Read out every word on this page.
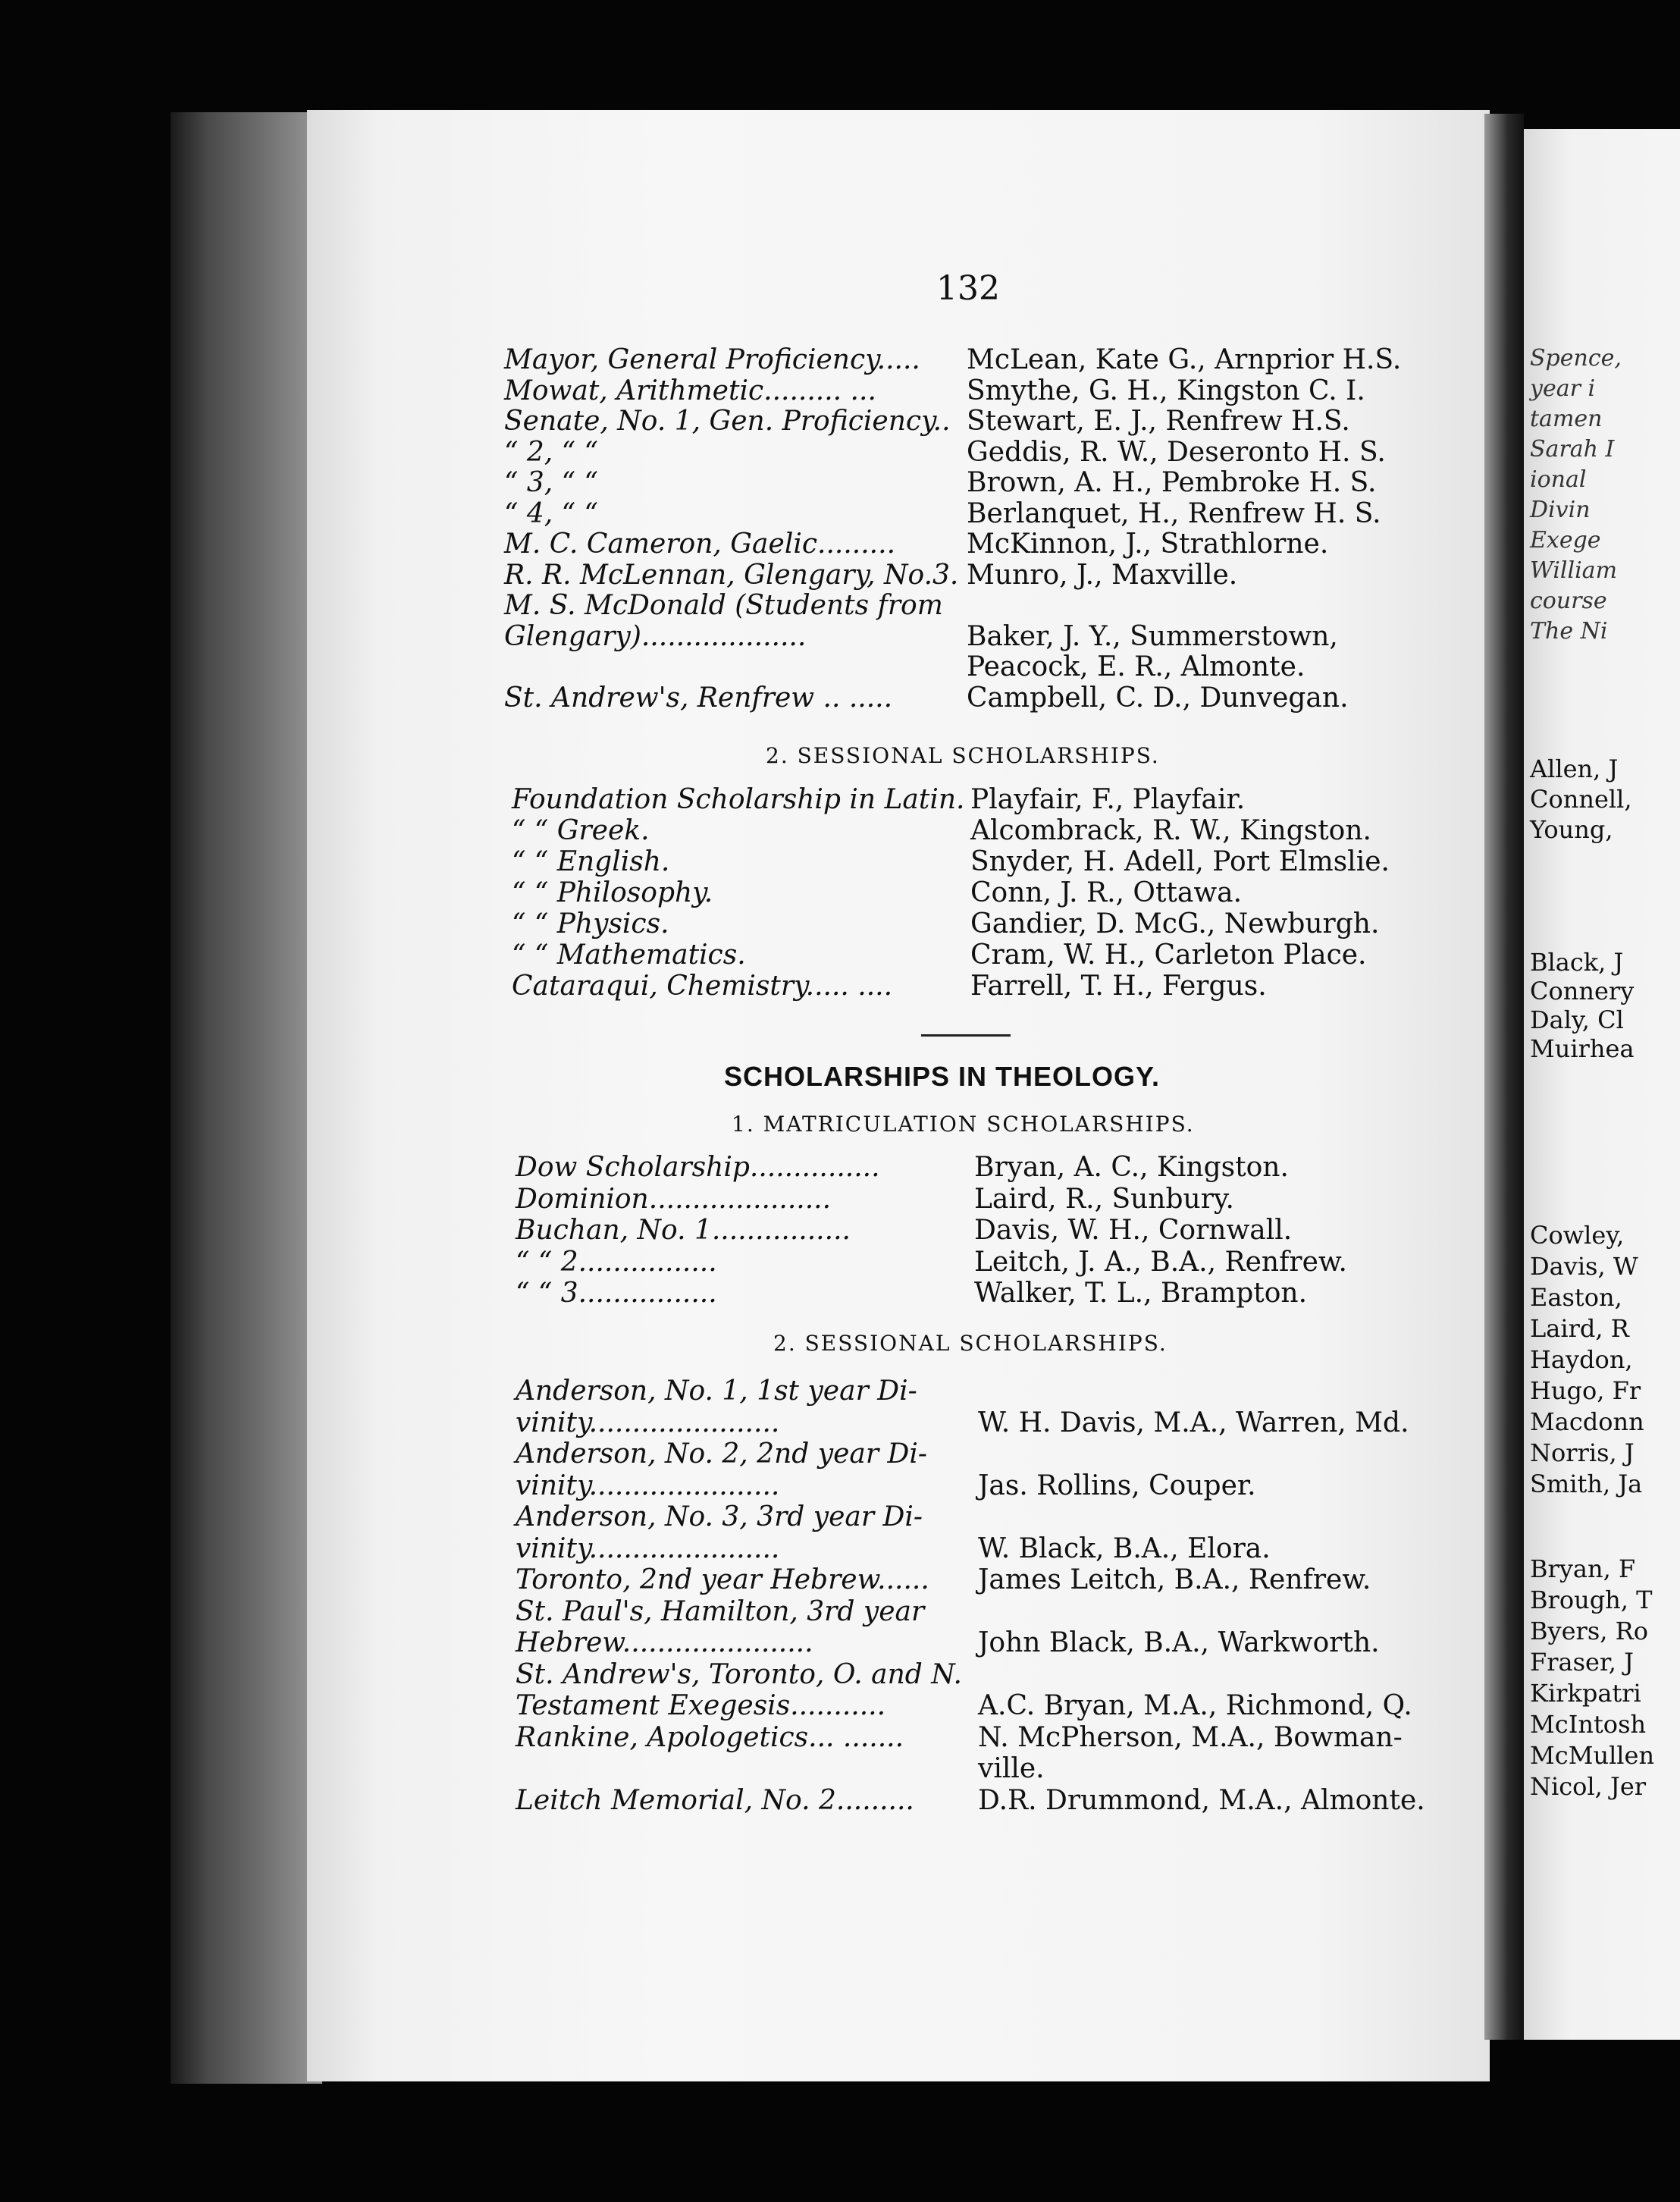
Spence,
year i
tamen
Sarah I
ional
Divin
Exege
William
course
The Ni
Allen, J
Connell,
Young,
Black, J
Connery
Daly, Cl
Muirhea
Cowley,
Davis, W
Easton,
Laird, R
Haydon,
Hugo, Fr
Macdonn
Norris, J
Smith, Ja
Bryan, F
Brough, T
Byers, Ro
Fraser, J
Kirkpatri
McIntosh
McMullen
Nicol, Jer
132
Mayor, General Proficiency..... McLean, Kate G., Arnprior H.S.
Mowat, Arithmetic......... ...	Smythe, G. H., Kingston C. I.
Senate, No. 1, Gen. Proficiency.. Stewart, E. J., Renfrew H.S.
“ 2, “ “	Geddis, R. W., Deseronto H. S.
“ 3, “ “	Brown, A. H., Pembroke H. S.
“ 4, “ “	Berlanquet, H., Renfrew H. S.
M. C. Cameron, Gaelic.........	McKinnon, J., Strathlorne.
R. R. McLennan, Glengary, No.3. Munro, J., Maxville.
M. S. McDonald (Students from
Glengary)...................	Baker, J. Y., Summerstown,
Peacock, E. R., Almonte.
St. Andrew's, Renfrew .. .....	Campbell, C. D., Dunvegan.
2. SESSIONAL SCHOLARSHIPS.
Foundation Scholarship in Latin. Playfair, F., Playfair.
“ “ Greek.	Alcombrack, R. W., Kingston.
“ “ English.	Snyder, H. Adell, Port Elmslie.
“ “ Philosophy.	Conn, J. R., Ottawa.
“ “ Physics.	Gandier, D. McG., Newburgh.
“ “ Mathematics.	Cram, W. H., Carleton Place.
Cataraqui, Chemistry..... ....	Farrell, T. H., Fergus.
SCHOLARSHIPS IN THEOLOGY.
1. MATRICULATION SCHOLARSHIPS.
Dow Scholarship...............	Bryan, A. C., Kingston.
Dominion.....................	Laird, R., Sunbury.
Buchan, No. 1................	Davis, W. H., Cornwall.
“ “ 2................	Leitch, J. A., B.A., Renfrew.
“ “ 3................	Walker, T. L., Brampton.
2. SESSIONAL SCHOLARSHIPS.
Anderson, No. 1, 1st year Di-
vinity......................	W. H. Davis, M.A., Warren, Md.
Anderson, No. 2, 2nd year Di-
vinity......................	Jas. Rollins, Couper.
Anderson, No. 3, 3rd year Di-
vinity......................	W. Black, B.A., Elora.
Toronto, 2nd year Hebrew...... James Leitch, B.A., Renfrew.
St. Paul's, Hamilton, 3rd year
Hebrew......................	John Black, B.A., Warkworth.
St. Andrew's, Toronto, O. and N.
Testament Exegesis...........	A.C. Bryan, M.A., Richmond, Q.
Rankine, Apologetics... .......	N. McPherson, M.A., Bowman-
ville.
Leitch Memorial, No. 2......... D.R. Drummond, M.A., Almonte.
